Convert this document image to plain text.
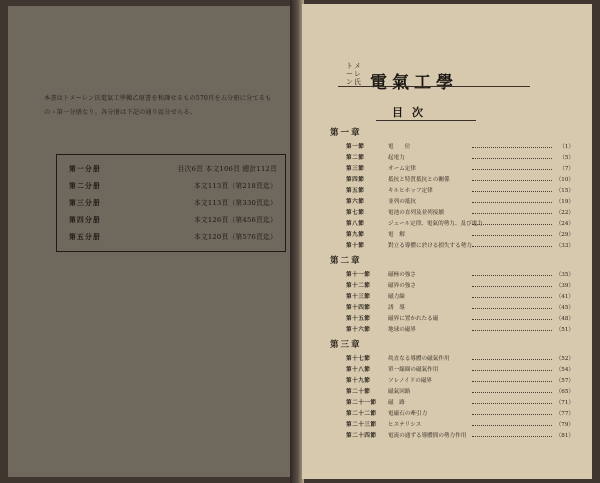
本書はトメーレン氏電氣工學獨乙原書を和譯せるもの570頁を五分册に分てるものゝ第一分册なり。各分册は下記の通り區分せらる。
第一分册	目次6頁 本文106頁 總計112頁
第二分册	本文113頁（第218頁迄）
第三分册	本文113頁（第330頁迄）
第四分册	本文126頁（第456頁迄）
第五分册	本文120頁（第576頁迄）
トメーレン氏 電氣工學
目次
第一章
第一節	電　　位	（1）
第二節	起電力	（5）
第三節	オーム定律	（7）
第四節	抵抗と特質抵抗との關係	（10）
第五節	キルヒホッフ定律	（15）
第六節	並列の抵抗	（19）
第七節	電池の直列及並列接續	（22）
第八節	ジュール定律、電氣的勢力、及び電力	（24）
第九節	電　解	（29）
第十節	對立る導體に於ける損失する勢力	（33）
第二章
第十一節	磁極の強さ	（35）
第十二節	磁界の強さ	（39）
第十三節	磁力線	（41）
第十四節	誘　導	（45）
第十五節	磁界に置かれたる磁	（48）
第十六節	地球の磁界	（51）
第三章
第十七節	眞直なる導體の磁氣作用	（52）
第十八節	單一線圈の磁氣作用	（54）
第十九節	ソレノイドの磁界	（57）
第二十節	磁氣回路	（65）
第二十一節 磁　路	（71）
第二十二節 電磁石の牽引力	（77）
第二十三節 ヒステリシス	（79）
第二十四節 電流の通ずる導體間の勢力作用	（81）
